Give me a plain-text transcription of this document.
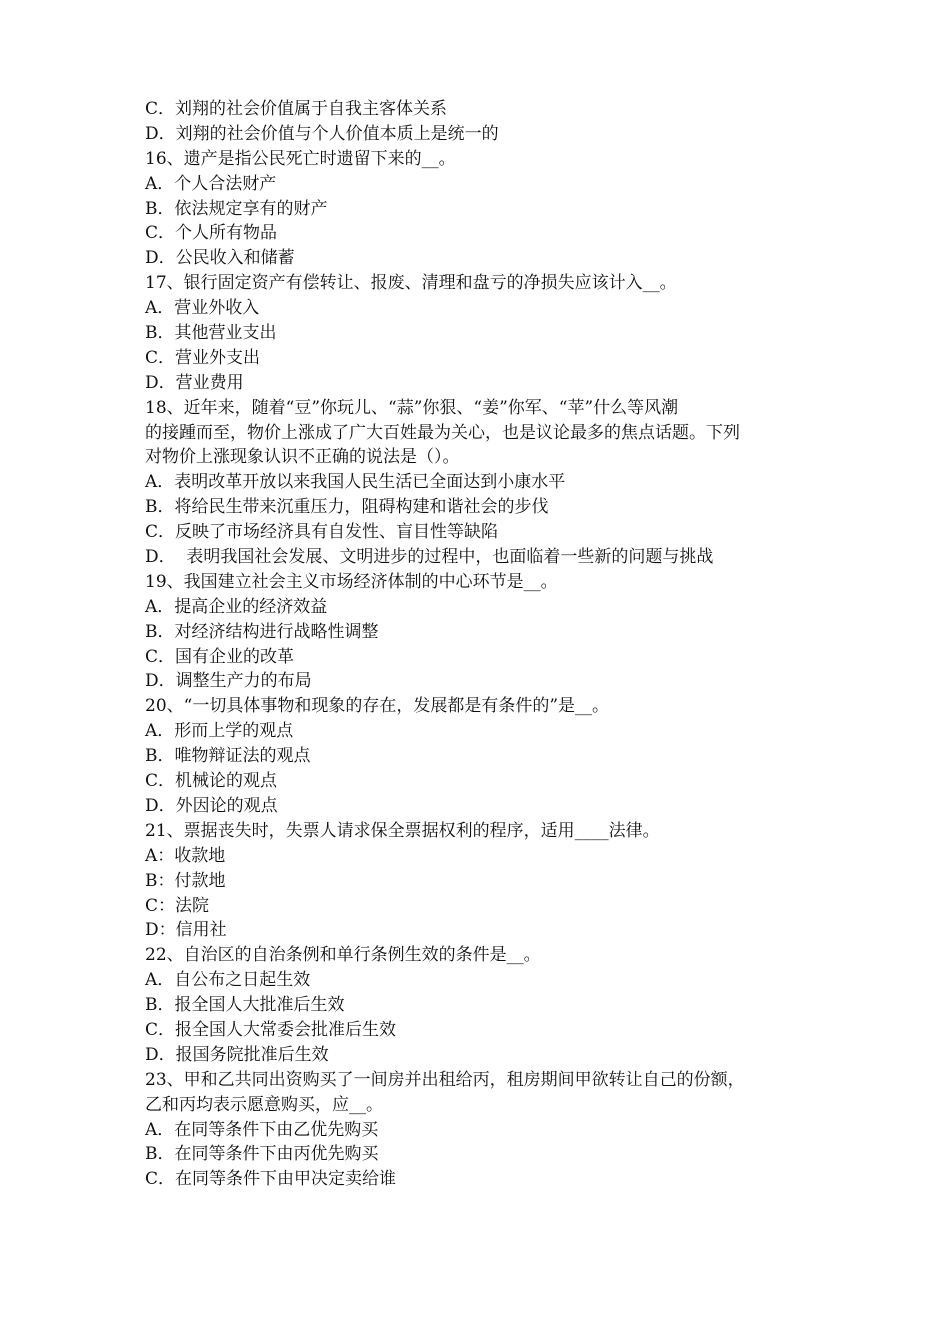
C．刘翔的社会价值属于自我主客体关系
D．刘翔的社会价值与个人价值本质上是统一的
16、遗产是指公民死亡时遗留下来的__。
A．个人合法财产
B．依法规定享有的财产
C．个人所有物品
D．公民收入和储蓄
17、银行固定资产有偿转让、报废、清理和盘亏的净损失应该计入__。
A．营业外收入
B．其他营业支出
C．营业外支出
D．营业费用
18、近年来，随着“豆”你玩儿、“蒜”你狠、“姜”你军、“苹”什么等风潮
的接踵而至，物价上涨成了广大百姓最为关心，也是议论最多的焦点话题。下列
对物价上涨现象认识不正确的说法是（）。
A．表明改革开放以来我国人民生活已全面达到小康水平
B．将给民生带来沉重压力，阻碍构建和谐社会的步伐
C．反映了市场经济具有自发性、盲目性等缺陷
D．  表明我国社会发展、文明进步的过程中，也面临着一些新的问题与挑战
19、我国建立社会主义市场经济体制的中心环节是__。
A．提高企业的经济效益
B．对经济结构进行战略性调整
C．国有企业的改革
D．调整生产力的布局
20、“一切具体事物和现象的存在，发展都是有条件的”是__。
A．形而上学的观点
B．唯物辩证法的观点
C．机械论的观点
D．外因论的观点
21、票据丧失时，失票人请求保全票据权利的程序，适用____法律。
A：收款地
B：付款地
C：法院
D：信用社
22、自治区的自治条例和单行条例生效的条件是__。
A．自公布之日起生效
B．报全国人大批准后生效
C．报全国人大常委会批准后生效
D．报国务院批准后生效
23、甲和乙共同出资购买了一间房并出租给丙，租房期间甲欲转让自己的份额，
乙和丙均表示愿意购买，应__。
A．在同等条件下由乙优先购买
B．在同等条件下由丙优先购买
C．在同等条件下由甲决定卖给谁
